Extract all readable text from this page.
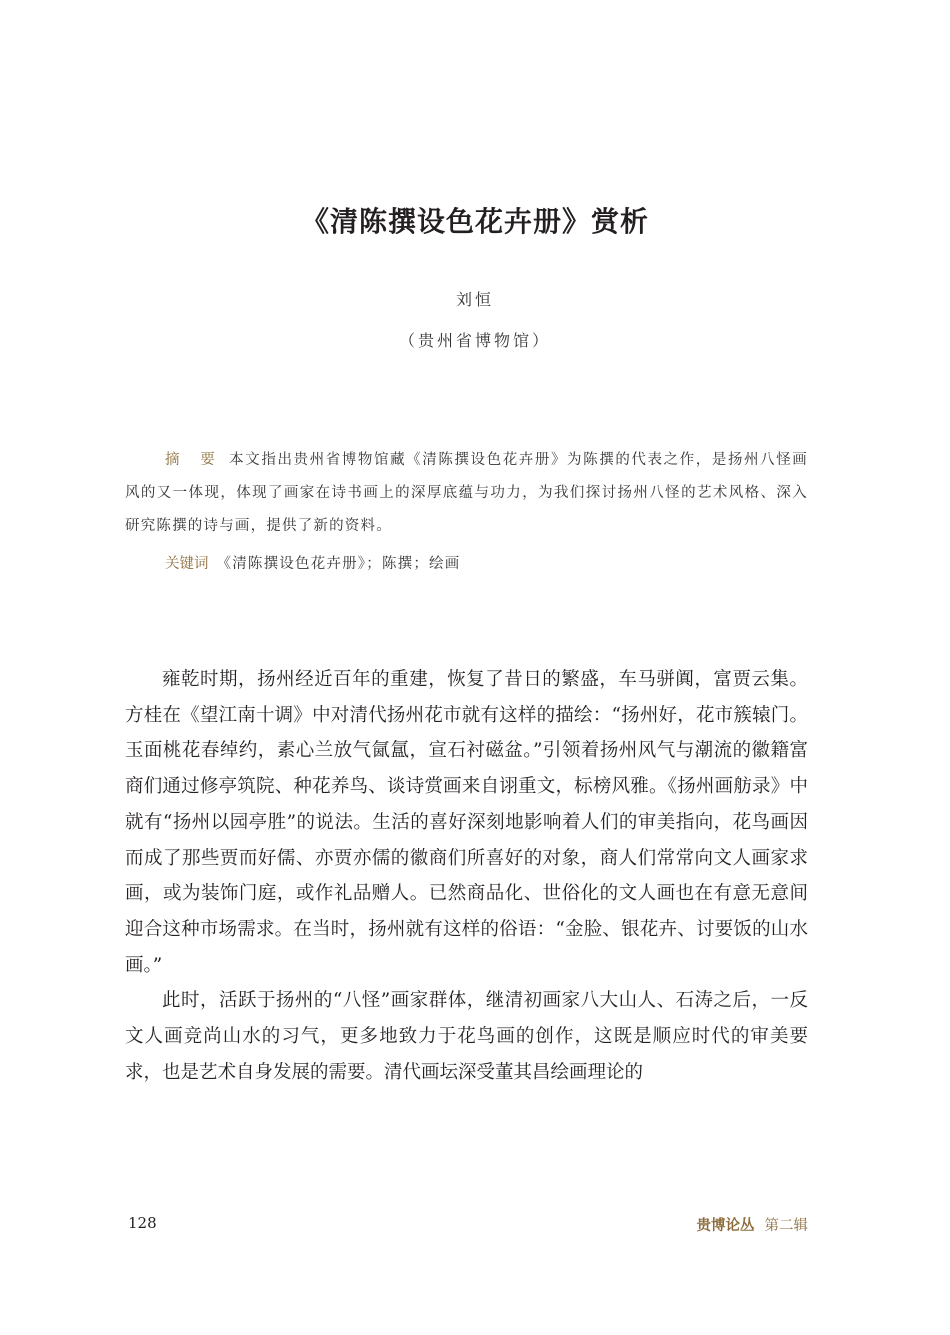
《清陈撰设色花卉册》赏析
刘恒
（贵州省博物馆）

摘 要 本文指出贵州省博物馆藏《清陈撰设色花卉册》为陈撰的代表之作，是扬州八怪画风的又一体现，体现了画家在诗书画上的深厚底蕴与功力，为我们探讨扬州八怪的艺术风格、深入研究陈撰的诗与画，提供了新的资料。

关键词 《清陈撰设色花卉册》；陈撰；绘画

雍乾时期，扬州经近百年的重建，恢复了昔日的繁盛，车马骈阗，富贾云集。方桂在《望江南十调》中对清代扬州花市就有这样的描绘：“扬州好，花市簇辕门。玉面桃花春绰约，素心兰放气氤氲，宣石衬磁盆。”引领着扬州风气与潮流的徽籍富商们通过修亭筑院、种花养鸟、谈诗赏画来自诩重文，标榜风雅。《扬州画舫录》中就有“扬州以园亭胜”的说法。生活的喜好深刻地影响着人们的审美指向，花鸟画因而成了那些贾而好儒、亦贾亦儒的徽商们所喜好的对象，商人们常常向文人画家求画，或为装饰门庭，或作礼品赠人。已然商品化、世俗化的文人画也在有意无意间迎合这种市场需求。在当时，扬州就有这样的俗语：“金脸、银花卉、讨要饭的山水画。”

此时，活跃于扬州的“八怪”画家群体，继清初画家八大山人、石涛之后，一反文人画竞尚山水的习气，更多地致力于花鸟画的创作，这既是顺应时代的审美要求，也是艺术自身发展的需要。清代画坛深受董其昌绘画理论的

128	贵博论丛 第二辑
